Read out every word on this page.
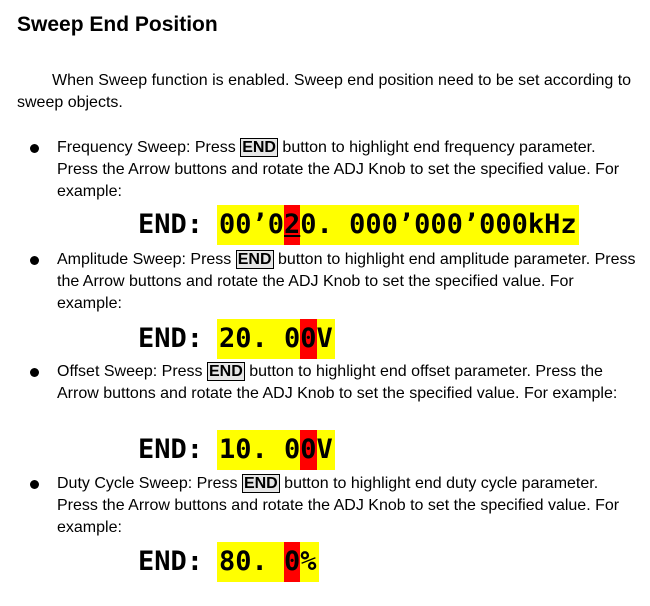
Sweep End Position
When Sweep function is enabled. Sweep end position need to be set according to sweep objects.
Frequency Sweep: Press END button to highlight end frequency parameter. Press the Arrow buttons and rotate the ADJ Knob to set the specified value. For example:
END: 00’020. 000’000’000kHz
Amplitude Sweep: Press END button to highlight end amplitude parameter. Press the Arrow buttons and rotate the ADJ Knob to set the specified value. For example:
END: 20. 00V
Offset Sweep: Press END button to highlight end offset parameter. Press the Arrow buttons and rotate the ADJ Knob to set the specified value. For example:
END: 10. 00V
Duty Cycle Sweep: Press END button to highlight end duty cycle parameter. Press the Arrow buttons and rotate the ADJ Knob to set the specified value. For example:
END: 80. 0%
